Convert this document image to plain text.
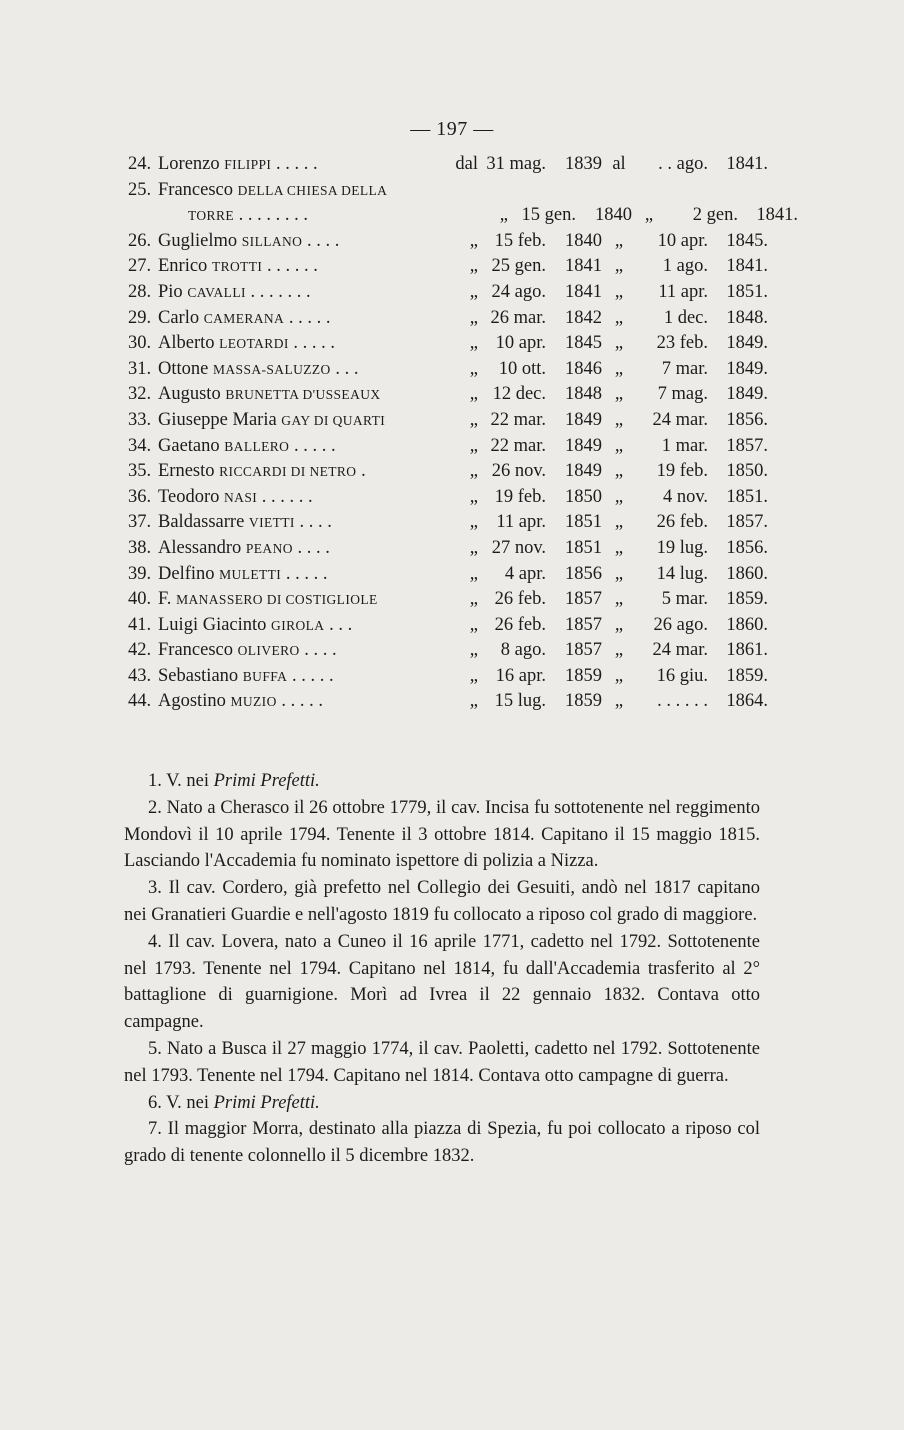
— 197 —
24. Lorenzo FILIPPI . . . . .	dal 31 mag.	1839 al	. . ago. 1841.
25. Francesco DELLA CHIESA DELLA
TORRE . . . . . . . .	„ 15 gen.	1840 „	2 gen. 1841.
26. Guglielmo SILLANO . . . .	„ 15 feb.	1840 „	10 apr. 1845.
27. Enrico TROTTI . . . . . .	„ 25 gen.	1841 „	1 ago. 1841.
28. Pio CAVALLI . . . . . . .	„ 24 ago.	1841 „	11 apr. 1851.
29. Carlo CAMERANA . . . . .	„ 26 mar.	1842 „	1 dec. 1848.
30. Alberto LEOTARDI . . . . .	„ 10 apr.	1845 „	23 feb. 1849.
31. Ottone MASSA-SALUZZO . . .	„	10 ott.	1846 „	7 mar. 1849.
32. Augusto BRUNETTA D'USSEAUX	„ 12 dec.	1848 „	7 mag. 1849.
33. Giuseppe Maria GAY DI QUARTI	„ 22 mar.	1849 „	24 mar. 1856.
34. Gaetano BALLERO . . . . .	„ 22 mar.	1849 „	1 mar. 1857.
35. Ernesto RICCARDI DI NETRO .	„ 26 nov.	1849 „	19 feb. 1850.
36. Teodoro NASI . . . . . .	„ 19 feb.	1850 „	4 nov. 1851.
37. Baldassarre VIETTI . . . .	„ 11 apr.	1851 „	26 feb. 1857.
38. Alessandro PEANO . . . .	„ 27 nov.	1851 „	19 lug. 1856.
39. Delfino MULETTI . . . . .	„	4 apr.	1856 „	14 lug. 1860.
40. F. MANASSERO DI COSTIGLIOLE	„ 26 feb.	1857 „	5 mar. 1859.
41. Luigi Giacinto GIROLA . . .	„ 26 feb.	1857 „	26 ago. 1860.
42. Francesco OLIVERO . . . .	„	8 ago.	1857 „	24 mar. 1861.
43. Sebastiano BUFFA . . . . .	„ 16 apr.	1859 „	16 giu. 1859.
44. Agostino MUZIO . . . . .	„ 15 lug.	1859 „	. . . . . . 1864.

1. V. nei Primi Prefetti.

2. Nato a Cherasco il 26 ottobre 1779, il cav. Incisa fu sottotenente nel reggimento Mondovì il 10 aprile 1794. Tenente il 3 ottobre 1814. Capitano il 15 maggio 1815. Lasciando l'Accademia fu nominato ispettore di polizia a Nizza.

3. Il cav. Cordero, già prefetto nel Collegio dei Gesuiti, andò nel 1817 capitano nei Granatieri Guardie e nell'agosto 1819 fu collocato a riposo col grado di maggiore.

4. Il cav. Lovera, nato a Cuneo il 16 aprile 1771, cadetto nel 1792. Sottotenente nel 1793. Tenente nel 1794. Capitano nel 1814, fu dall'Accademia trasferito al 2° battaglione di guarnigione. Morì ad Ivrea il 22 gennaio 1832. Contava otto campagne.

5. Nato a Busca il 27 maggio 1774, il cav. Paoletti, cadetto nel 1792. Sottotenente nel 1793. Tenente nel 1794. Capitano nel 1814. Contava otto campagne di guerra.

6. V. nei Primi Prefetti.

7. Il maggior Morra, destinato alla piazza di Spezia, fu poi collocato a riposo col grado di tenente colonnello il 5 dicembre 1832.
